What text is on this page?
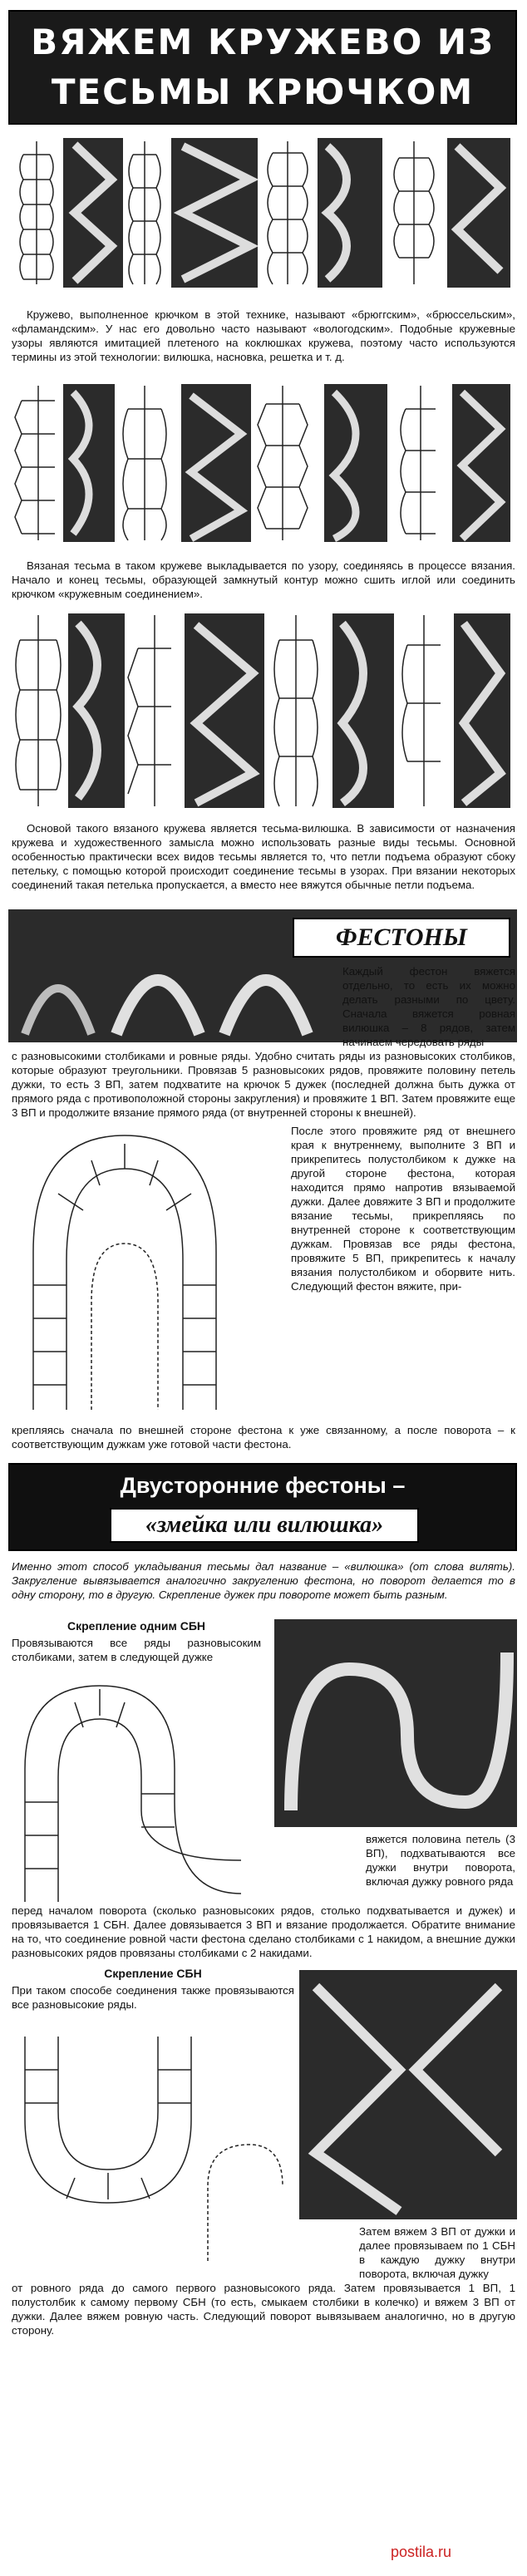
ВЯЖЕМ КРУЖЕВО ИЗ
ТЕСЬМЫ КРЮЧКОМ
Кружево, выполненное крючком в этой технике, называют «брюггским», «брюссельским», «фламандским». У нас его довольно часто называют «вологодским». Подобные кружевные узоры являются имитацией плетеного на коклюшках кружева, поэтому часто используются термины из этой технологии: вилюшка, насновка, решетка и т. д.
Вязаная тесьма в таком кружеве выкладывается по узору, соединяясь в процессе вязания. Начало и конец тесьмы, образующей замкнутый контур можно сшить иглой или соединить крючком «кружевным соединением».
Основой такого вязаного кружева является тесьма-вилюшка. В зависимости от назначения кружева и художественного замысла можно использовать разные виды тесьмы. Основной особенностью практически всех видов тесьмы является то, что петли подъема образуют сбоку петельку, с помощью которой происходит соединение тесьмы в узорах. При вязании некоторых соединений такая петелька пропускается, а вместо нее вяжутся обычные петли подъема.
ФЕСТОНЫ
Каждый фестон вяжется отдельно, то есть их можно делать разными по цвету. Сначала вяжется ровная вилюшка – 8 рядов, затем начинаем чередовать ряды
с разновысокими столбиками и ровные ряды. Удобно считать ряды из разновысоких столбиков, которые образуют треугольники. Провязав 5 разновысоких рядов, провяжите половину петель дужки, то есть 3 ВП, затем подхватите на крючок 5 дужек (последней должна быть дужка от прямого ряда с противоположной стороны закругления) и провяжите 1 ВП. Затем провяжите еще 3 ВП и продолжите вязание прямого ряда (от внутренней стороны к внешней).
После этого провяжите ряд от внешнего края к внутреннему, выполните 3 ВП и прикрепитесь полустолбиком к дужке на другой стороне фестона, которая находится прямо напротив вязываемой дужки. Далее довяжите 3 ВП и продолжите вязание тесьмы, прикрепляясь по внутренней стороне к соответствующим дужкам. Провязав все ряды фестона, провяжите 5 ВП, прикрепитесь к началу вязания полустолбиком и оборвите нить. Следующий фестон вяжите, при-
крепляясь сначала по внешней стороне фестона к уже связанному, а после поворота – к соответствующим дужкам уже готовой части фестона.
Двусторонние фестоны –
«змейка или вилюшка»
Именно этот способ укладывания тесьмы дал название – «вилюшка» (от слова вилять). Закругление вывязывается аналогично закруглению фестона, но поворот делается то в одну сторону, то в другую. Скрепление дужек при повороте может быть разным.
Скрепление одним СБН
Провязываются все ряды разновысоким столбиками, затем в следующей дужке
вяжется половина петель (3 ВП), подхватываются все дужки внутри поворота, включая дужку ровного ряда
перед началом поворота (сколько разновысоких рядов, столько подхватывается и дужек) и провязывается 1 СБН. Далее довязывается 3 ВП и вязание продолжается. Обратите внимание на то, что соединение ровной части фестона сделано столбиками с 1 накидом, а внешние дужки разновысоких рядов провязаны столбиками с 2 накидами.
Скрепление СБН
При таком способе соединения также провязываются все разновысокие ряды.
Затем вяжем 3 ВП от дужки и далее провязываем по 1 СБН в каждую дужку внутри поворота, включая дужку
от ровного ряда до самого первого разновысокого ряда. Затем провязывается 1 ВП, 1 полустолбик к самому первому СБН (то есть, смыкаем столбики в колечко) и вяжем 3 ВП от дужки. Далее вяжем ровную часть. Следующий поворот вывязываем аналогично, но в другую сторону.
postila.ru
